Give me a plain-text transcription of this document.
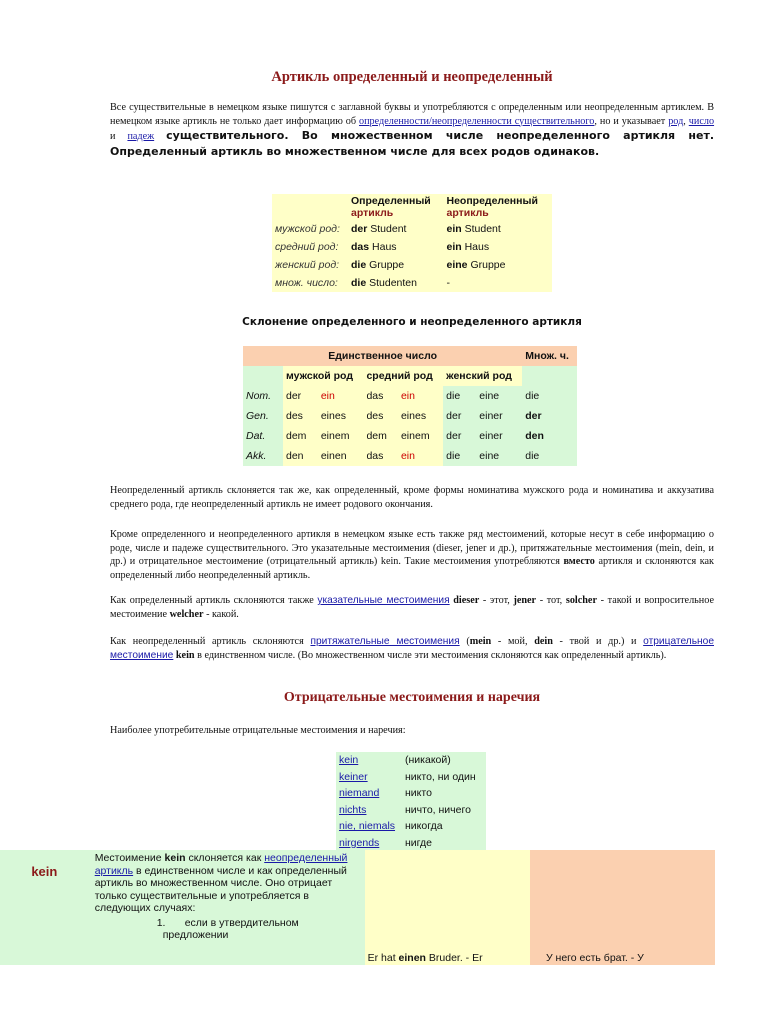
Артикль определенный и неопределенный
Все существительные в немецком языке пишутся с заглавной буквы и употребляются с определенным или неопределенным артиклем. В немецком языке артикль не только дает информацию об определенности/неопределенности существительного, но и указывает род, число и падеж существительного. Во множественном числе неопределенного артикля нет. Определенный артикль во множественном числе для всех родов одинаков.
	Определенный
артикль	Неопределенный
артикль
мужской род:	der Student	ein Student
средний род:	das Haus	ein Haus
женский род:	die Gruppe	eine Gruppe
множ. число:	die Studenten	-
Склонение определенного и неопределенного артикля
Единственное число							Множ. ч.
	мужской род		средний род		женский род		
Nom.	der	ein	das	ein	die	eine	die
Gen.	des	eines	des	eines	der	einer	der
Dat.	dem	einem	dem	einem	der	einer	den
Akk.	den	einen	das	ein	die	eine	die
Неопределенный артикль склоняется так же, как определенный, кроме формы номинатива мужского рода и номинатива и аккузатива среднего рода, где неопределенный артикль не имеет родового окончания.
Кроме определенного и неопределенного артикля в немецком языке есть также ряд местоимений, которые несут в себе информацию о роде, числе и падеже существительного. Это указательные местоимения (dieser, jener и др.), притяжательные местоимения (mein, dein, и др.) и отрицательное местоимение (отрицательный артикль) kein. Такие местоимения употребляются вместо артикля и склоняются как определенный либо неопределенный артикль.
Как определенный артикль склоняются также указательные местоимения dieser - этот, jener - тот, solcher - такой и вопросительное местоимение welcher - какой.
Как неопределенный артикль склоняются притяжательные местоимения (mein - мой, dein - твой и др.) и отрицательное местоимение kein в единственном числе. (Во множественном числе эти местоимения склоняются как определенный артикль).
Отрицательные местоимения и наречия
Наиболее употребительные отрицательные местоимения и наречия:
kein	(никакой)
keiner	никто, ни один
niemand	никто
nichts	ничто, ничего
nie, niemals	никогда
nirgends	нигде
kein	Местоимение kein склоняется как неопределенный артикль в единственном числе и как определенный артикль во множественном числе. Оно отрицает только существительные и употребляется в следующих случаях:
1. если в утвердительном предложении
	Er hat einen Bruder. - Er	У него есть брат. - У
